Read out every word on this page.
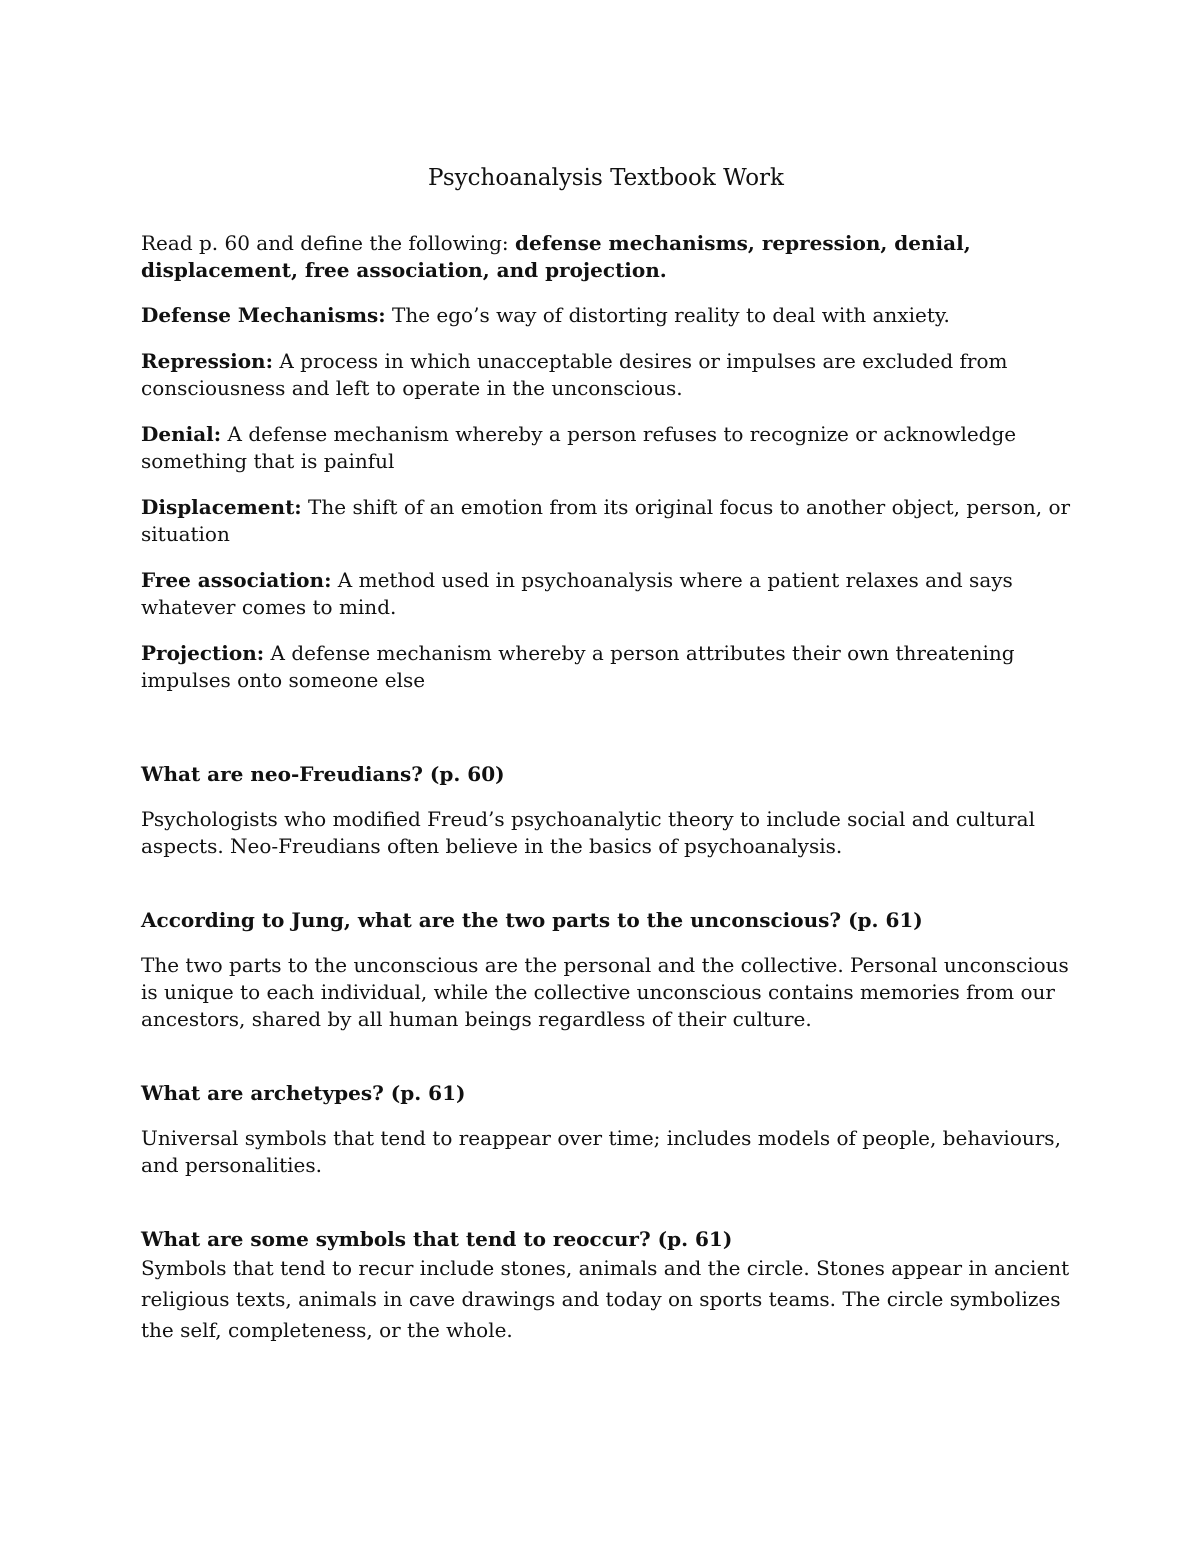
Psychoanalysis Textbook Work

Read p. 60 and define the following: defense mechanisms, repression, denial, displacement, free association, and projection.

Defense Mechanisms: The ego’s way of distorting reality to deal with anxiety.

Repression: A process in which unacceptable desires or impulses are excluded from consciousness and left to operate in the unconscious.

Denial: A defense mechanism whereby a person refuses to recognize or acknowledge something that is painful

Displacement: The shift of an emotion from its original focus to another object, person, or situation

Free association: A method used in psychoanalysis where a patient relaxes and says whatever comes to mind.

Projection: A defense mechanism whereby a person attributes their own threatening impulses onto someone else

What are neo-Freudians? (p. 60)

Psychologists who modified Freud’s psychoanalytic theory to include social and cultural aspects. Neo-Freudians often believe in the basics of psychoanalysis.

According to Jung, what are the two parts to the unconscious? (p. 61)

The two parts to the unconscious are the personal and the collective. Personal unconscious is unique to each individual, while the collective unconscious contains memories from our ancestors, shared by all human beings regardless of their culture.

What are archetypes? (p. 61)

Universal symbols that tend to reappear over time; includes models of people, behaviours, and personalities.

What are some symbols that tend to reoccur? (p. 61)

Symbols that tend to recur include stones, animals and the circle. Stones appear in ancient religious texts, animals in cave drawings and today on sports teams. The circle symbolizes the self, completeness, or the whole.
